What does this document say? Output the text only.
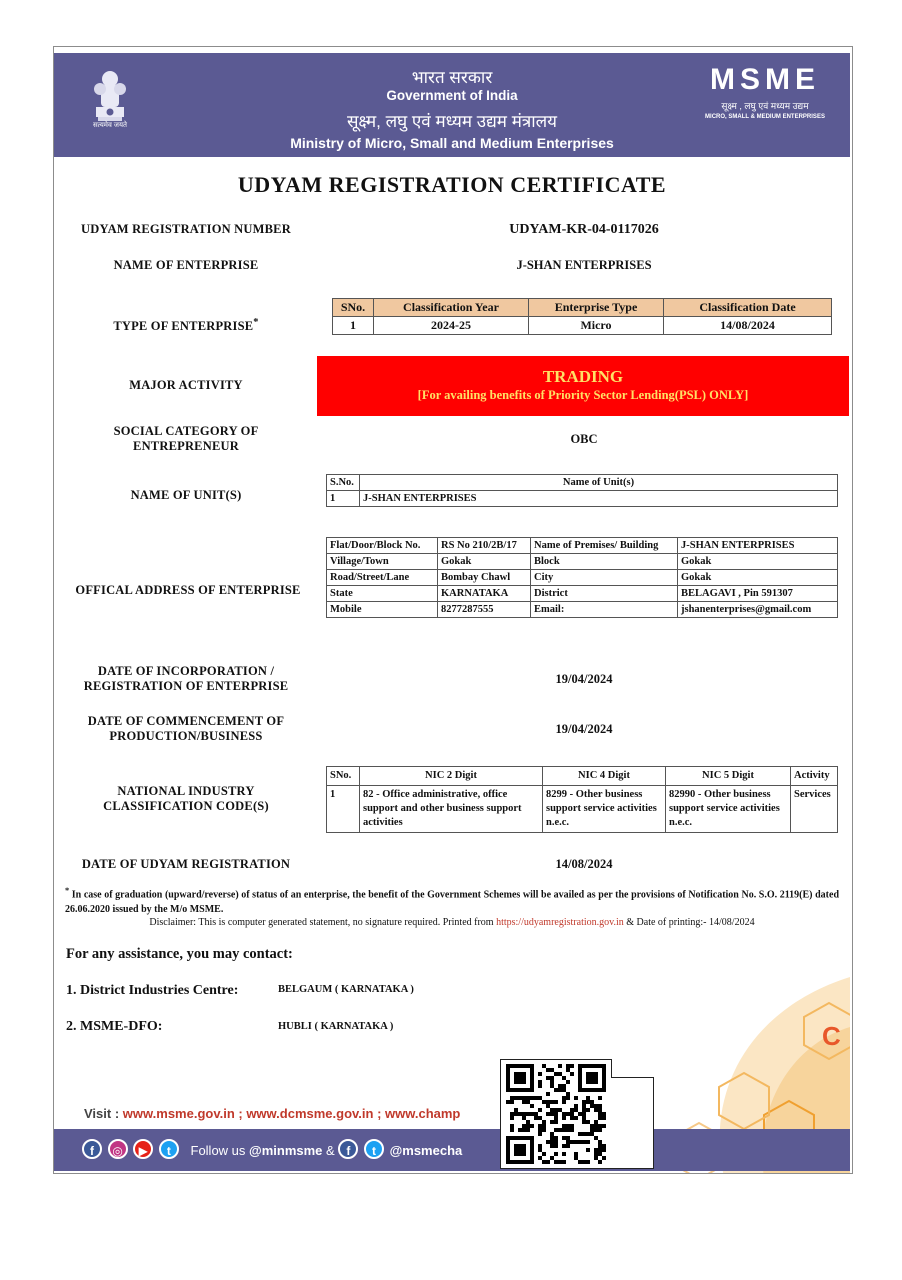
सत्यमेव जयते
भारत सरकार
Government of India
सूक्ष्म, लघु एवं मध्यम उद्यम मंत्रालय
Ministry of Micro, Small and Medium Enterprises
MSME
सूक्ष्म , लघु एवं मध्यम उद्यम
MICRO, SMALL & MEDIUM ENTERPRISES
UDYAM REGISTRATION CERTIFICATE
UDYAM REGISTRATION NUMBER	UDYAM-KR-04-0117026
NAME OF ENTERPRISE	J-SHAN ENTERPRISES
TYPE OF ENTERPRISE*
SNo.	Classification Year	Enterprise Type	Classification Date
1	2024-25	Micro	14/08/2024
MAJOR ACTIVITY	TRADING
[For availing benefits of Priority Sector Lending(PSL) ONLY]
SOCIAL CATEGORY OF
ENTREPRENEUR	OBC
NAME OF UNIT(S)
S.No.	Name of Unit(s)
1	J-SHAN ENTERPRISES
OFFICAL ADDRESS OF ENTERPRISE
Flat/Door/Block No.	RS No 210/2B/17	Name of Premises/ Building	J-SHAN ENTERPRISES
Village/Town	Gokak	Block	Gokak
Road/Street/Lane	Bombay Chawl	City	Gokak
State	KARNATAKA	District	BELAGAVI , Pin 591307
Mobile	8277287555	Email:	jshanenterprises@gmail.com
DATE OF INCORPORATION /
REGISTRATION OF ENTERPRISE	19/04/2024
DATE OF COMMENCEMENT OF
PRODUCTION/BUSINESS	19/04/2024
NATIONAL INDUSTRY
CLASSIFICATION CODE(S)
SNo.	NIC 2 Digit	NIC 4 Digit	NIC 5 Digit	Activity
1	82 - Office administrative, office support and other business support activities	8299 - Other business support service activities n.e.c.	82990 - Other business support service activities n.e.c.	Services
DATE OF UDYAM REGISTRATION	14/08/2024
* In case of graduation (upward/reverse) of status of an enterprise, the benefit of the Government Schemes will be availed as per the provisions of Notification No. S.O. 2119(E) dated 26.06.2020 issued by the M/o MSME.
Disclaimer: This is computer generated statement, no signature required. Printed from https://udyamregistration.gov.in & Date of printing:- 14/08/2024
For any assistance, you may contact:
1. District Industries Centre:	BELGAUM ( KARNATAKA )
2. MSME-DFO:	HUBLI ( KARNATAKA )	C
Visit : www.msme.gov.in ; www.dcmsme.gov.in ; www.champ
f ◎ ▶ t Follow us @minmsme & f t @msmecha
